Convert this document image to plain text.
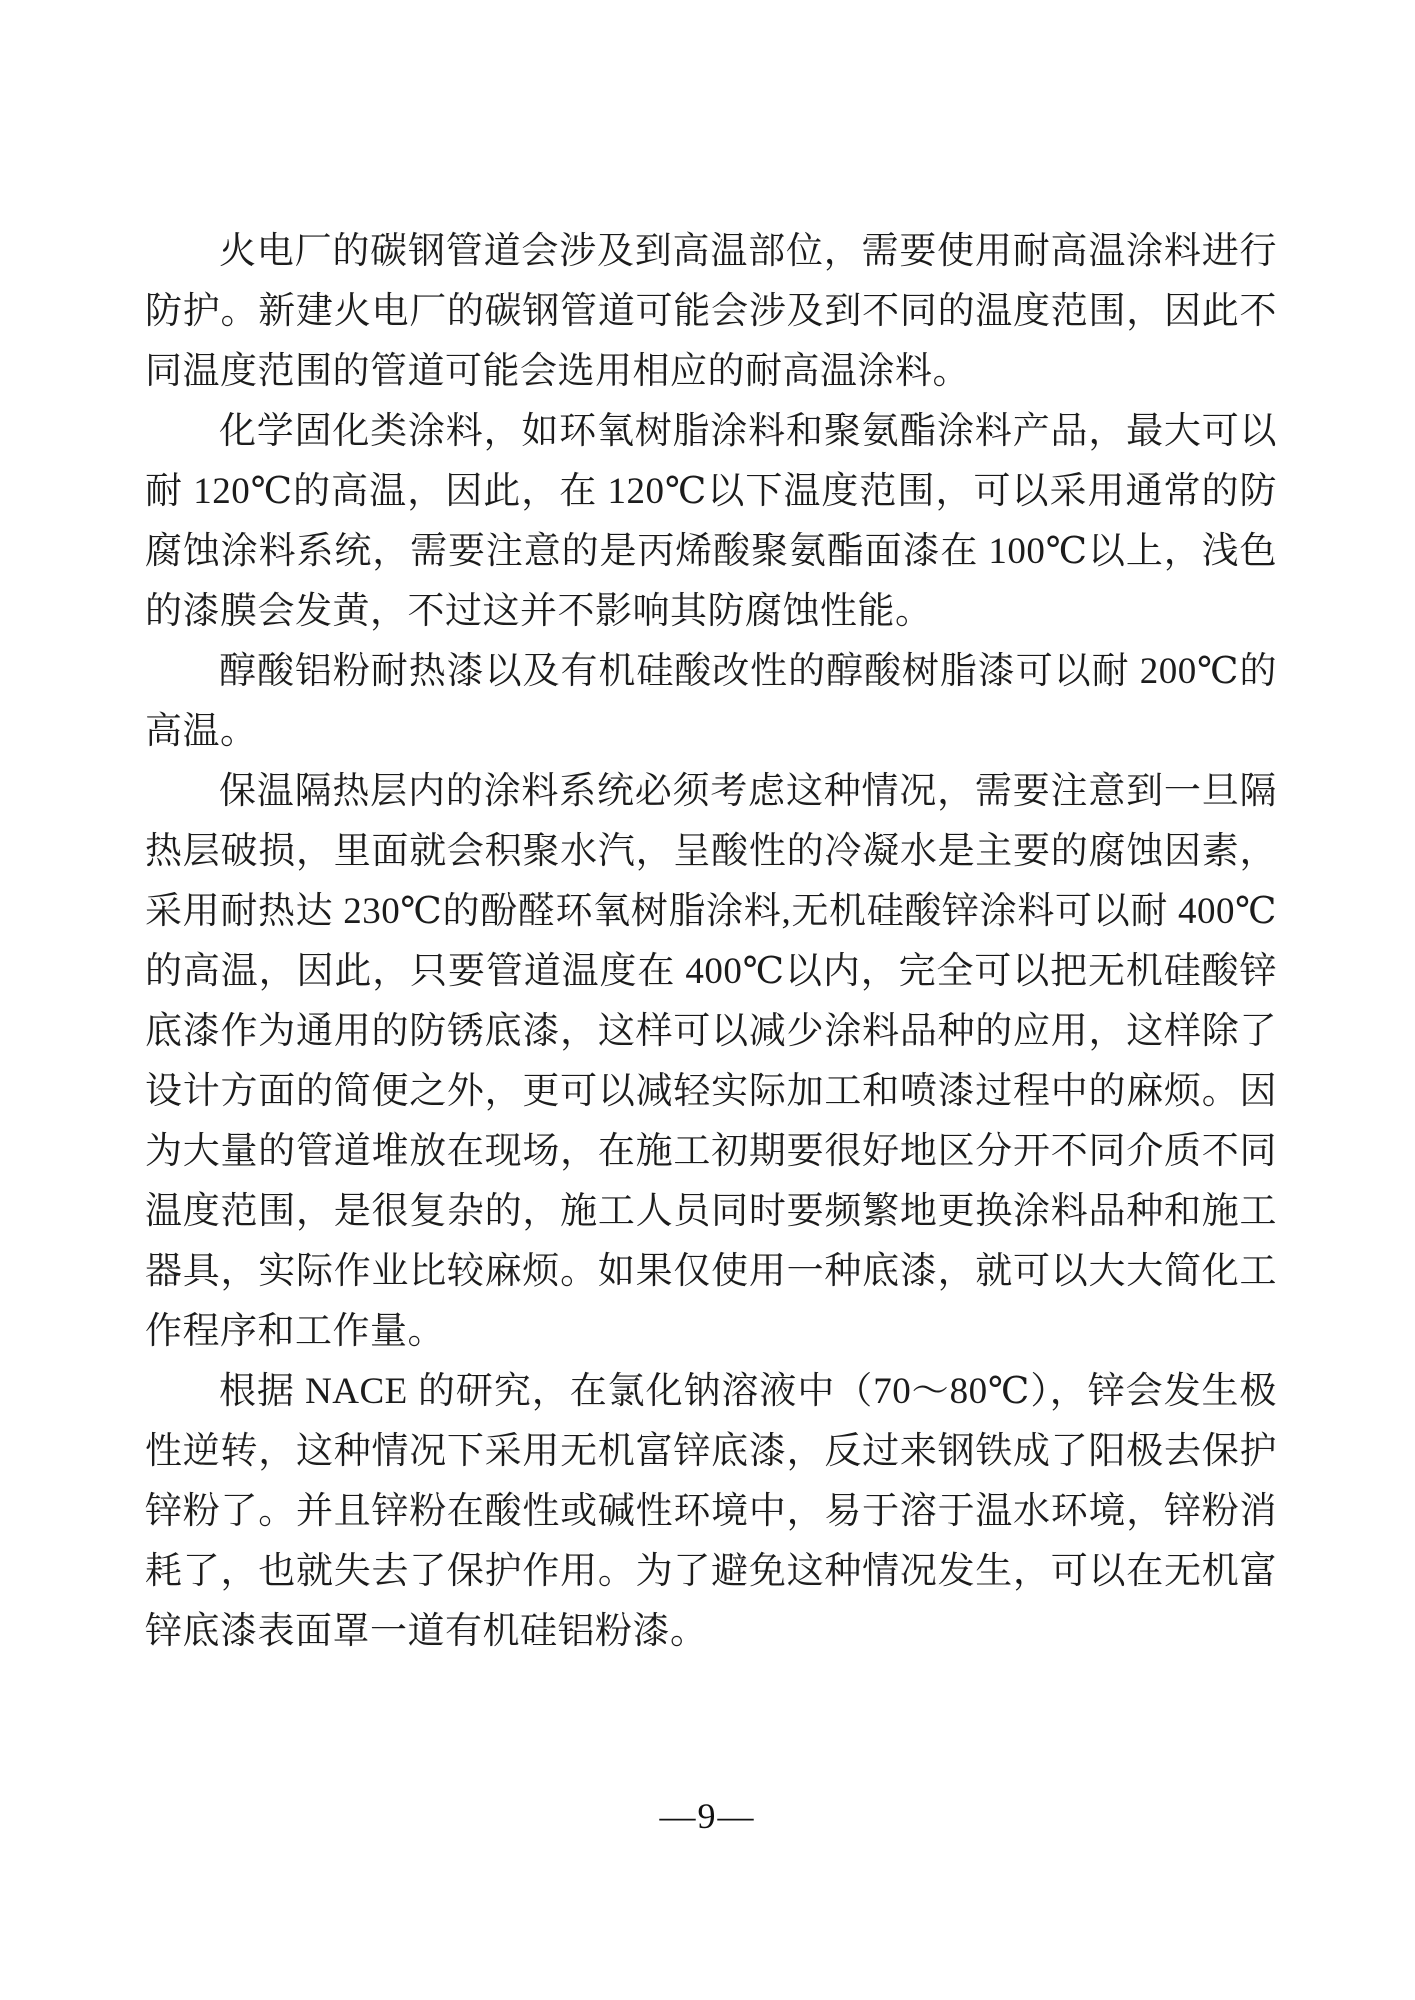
火电厂的碳钢管道会涉及到高温部位，需要使用耐高温涂料进行防护。新建火电厂的碳钢管道可能会涉及到不同的温度范围，因此不同温度范围的管道可能会选用相应的耐高温涂料。

化学固化类涂料，如环氧树脂涂料和聚氨酯涂料产品，最大可以耐 120℃的高温，因此，在 120℃以下温度范围，可以采用通常的防腐蚀涂料系统，需要注意的是丙烯酸聚氨酯面漆在 100℃以上，浅色的漆膜会发黄，不过这并不影响其防腐蚀性能。

醇酸铝粉耐热漆以及有机硅酸改性的醇酸树脂漆可以耐 200℃的高温。

保温隔热层内的涂料系统必须考虑这种情况，需要注意到一旦隔热层破损，里面就会积聚水汽，呈酸性的冷凝水是主要的腐蚀因素，采用耐热达 230℃的酚醛环氧树脂涂料,无机硅酸锌涂料可以耐 400℃的高温，因此，只要管道温度在 400℃以内，完全可以把无机硅酸锌底漆作为通用的防锈底漆，这样可以减少涂料品种的应用，这样除了设计方面的简便之外，更可以减轻实际加工和喷漆过程中的麻烦。因为大量的管道堆放在现场，在施工初期要很好地区分开不同介质不同温度范围，是很复杂的，施工人员同时要频繁地更换涂料品种和施工器具，实际作业比较麻烦。如果仅使用一种底漆，就可以大大简化工作程序和工作量。

根据 NACE 的研究，在氯化钠溶液中（70～80℃），锌会发生极性逆转，这种情况下采用无机富锌底漆，反过来钢铁成了阳极去保护锌粉了。并且锌粉在酸性或碱性环境中，易于溶于温水环境，锌粉消耗了，也就失去了保护作用。为了避免这种情况发生，可以在无机富锌底漆表面罩一道有机硅铝粉漆。

—9—
